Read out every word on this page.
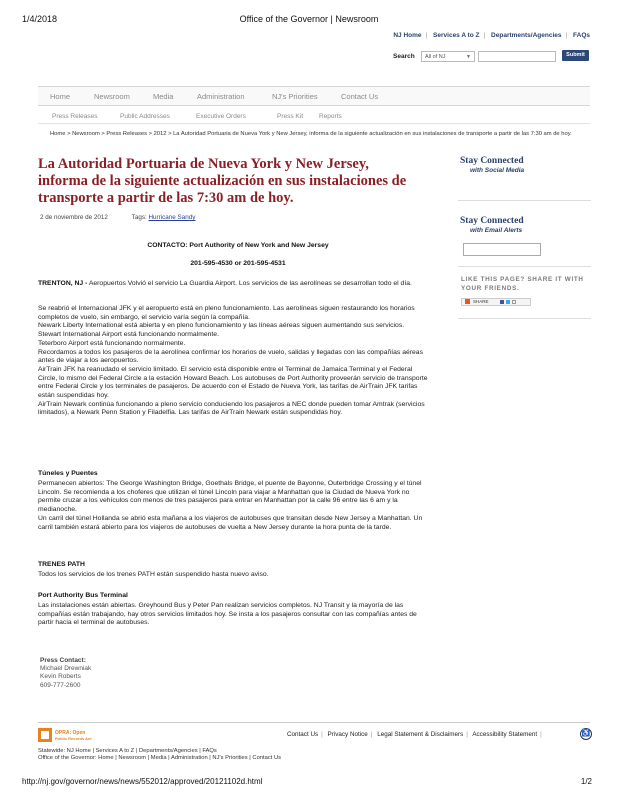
1/4/2018	Office of the Governor | Newsroom
NJ Home | Services A to Z | Departments/Agencies | FAQs
Search	All of NJ	▼	Submit
Home	Newsroom	Media	Administration	NJ's Priorities	Contact Us
Press Releases	Public Addresses	Executive Orders	Press Kit Reports
Home > Newsroom > Press Releases > 2012 > La Autoridad Portuaria de Nueva York y New Jersey, informa de la siguiente actualización en sus instalaciones de transporte a partir de las 7:30 am de hoy.
La Autoridad Portuaria de Nueva York y New Jersey, informa de la siguiente actualización en sus instalaciones de transporte a partir de las 7:30 am de hoy.
2 de noviembre de 2012	Tags: Hurricane Sandy
CONTACTO: Port Authority of New York and New Jersey
201-595-4530 or 201-595-4531
TRENTON, NJ - Aeropuertos Volvió el servicio La Guardia Airport. Los servicios de las aerolíneas se desarrollan todo el día.
Se reabrió el Internacional JFK y el aeropuerto está en pleno funcionamiento. Las aerolíneas siguen restaurando los horarios completos de vuelo, sin embargo, el servicio varía según la compañía.
Newark Liberty International está abierta y en pleno funcionamiento y las líneas aéreas siguen aumentando sus servicios.
Stewart International Airport está funcionando normalmente.
Teterboro Airport está funcionando normalmente.
Recordamos a todos los pasajeros de la aerolínea confirmar los horarios de vuelo, salidas y llegadas con las compañías aéreas antes de viajar a los aeropuertos.
AirTrain JFK ha reanudado el servicio limitado. El servicio está disponible entre el Terminal de Jamaica Terminal y el Federal Circle, lo mismo del Federal Circle a la estación Howard Beach. Los autobuses de Port Authority proveerán servicio de transporte entre Federal Circle y los terminales de pasajeros. De acuerdo con el Estado de Nueva York, las tarifas de AirTrain JFK tarifas están suspendidas hoy.
AirTrain Newark continúa funcionando a pleno servicio conduciendo los pasajeros a NEC donde pueden tomar Amtrak (servicios limitados), a Newark Penn Station y Filadelfia. Las tarifas de AirTrain Newark están suspendidas hoy.
Túneles y Puentes
Permanecen abiertos: The George Washington Bridge, Goethals Bridge, el puente de Bayonne, Outerbridge Crossing y el túnel Lincoln. Se recomienda a los choferes que utilizan el túnel Lincoln para viajar a Manhattan que la Ciudad de Nueva York no permite cruzar a los vehículos con menos de tres pasajeros para entrar en Manhattan por la calle 96 entre las 6 am y la medianoche.
Un carril del túnel Hollanda se abrió esta mañana a los viajeros de autobuses que transitan desde New Jersey a Manhattan. Un carril también estará abierto para los viajeros de autobuses de vuelta a New Jersey durante la hora punta de la tarde.
TRENES PATH
Todos los servicios de los trenes PATH están suspendido hasta nuevo aviso.
Port Authority Bus Terminal
Las instalaciones están abiertas. Greyhound Bus y Peter Pan realizan servicios completos. NJ Transit y la mayoría de las compañías están trabajando, hay otros servicios limitados hoy. Se insta a los pasajeros consultar con las compañías antes de partir hacia el terminal de autobuses.
Press Contact:
Michael Drewniak
Kevin Roberts
609-777-2600
Stay Connected
with Social Media
Stay Connected
with Email Alerts
LIKE THIS PAGE? SHARE IT WITH YOUR FRIENDS.
SHARE
OPRA: Open
Public Records Act
Contact Us | Privacy Notice | Legal Statement & Disclaimers | Accessibility Statement |	♿
Statewide: NJ Home | Services A to Z | Departments/Agencies | FAQs
Office of the Governor: Home | Newsroom | Media | Administration | NJ's Priorities | Contact Us
http://nj.gov/governor/news/news/552012/approved/20121102d.html	1/2
